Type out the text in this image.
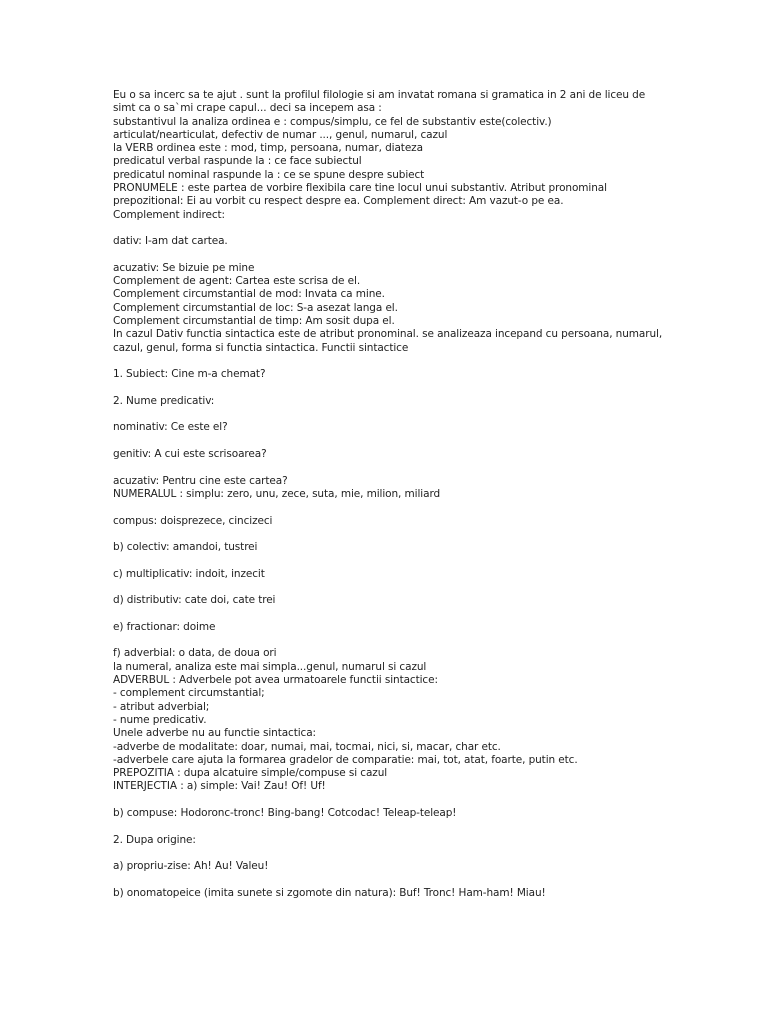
Eu o sa incerc sa te ajut . sunt la profilul filologie si am invatat romana si gramatica in 2 ani de liceu de
simt ca o sa`mi crape capul... deci sa incepem asa :
substantivul la analiza ordinea e : compus/simplu, ce fel de substantiv este(colectiv.)
articulat/nearticulat, defectiv de numar ..., genul, numarul, cazul
la VERB ordinea este : mod, timp, persoana, numar, diateza
predicatul verbal raspunde la : ce face subiectul
predicatul nominal raspunde la : ce se spune despre subiect
PRONUMELE : este partea de vorbire flexibila care tine locul unui substantiv. Atribut pronominal
prepozitional: Ei au vorbit cu respect despre ea. Complement direct: Am vazut-o pe ea.
Complement indirect:
dativ: I-am dat cartea.
acuzativ: Se bizuie pe mine
Complement de agent: Cartea este scrisa de el.
Complement circumstantial de mod: Invata ca mine.
Complement circumstantial de loc: S-a asezat langa el.
Complement circumstantial de timp: Am sosit dupa el.
In cazul Dativ functia sintactica este de atribut pronominal. se analizeaza incepand cu persoana, numarul,
cazul, genul, forma si functia sintactica. Functii sintactice
1. Subiect: Cine m-a chemat?
2. Nume predicativ:
nominativ: Ce este el?
genitiv: A cui este scrisoarea?
acuzativ: Pentru cine este cartea?
NUMERALUL : simplu: zero, unu, zece, suta, mie, milion, miliard
compus: doisprezece, cincizeci
b) colectiv: amandoi, tustrei
c) multiplicativ: indoit, inzecit
d) distributiv: cate doi, cate trei
e) fractionar: doime
f) adverbial: o data, de doua ori
la numeral, analiza este mai simpla...genul, numarul si cazul
ADVERBUL : Adverbele pot avea urmatoarele functii sintactice:
- complement circumstantial;
- atribut adverbial;
- nume predicativ.
Unele adverbe nu au functie sintactica:
-adverbe de modalitate: doar, numai, mai, tocmai, nici, si, macar, char etc.
-adverbele care ajuta la formarea gradelor de comparatie: mai, tot, atat, foarte, putin etc.
PREPOZITIA : dupa alcatuire simple/compuse si cazul
INTERJECTIA : a) simple: Vai! Zau! Of! Uf!
b) compuse: Hodoronc-tronc! Bing-bang! Cotcodac! Teleap-teleap!
2. Dupa origine:
a) propriu-zise: Ah! Au! Valeu!
b) onomatopeice (imita sunete si zgomote din natura): Buf! Tronc! Ham-ham! Miau!
